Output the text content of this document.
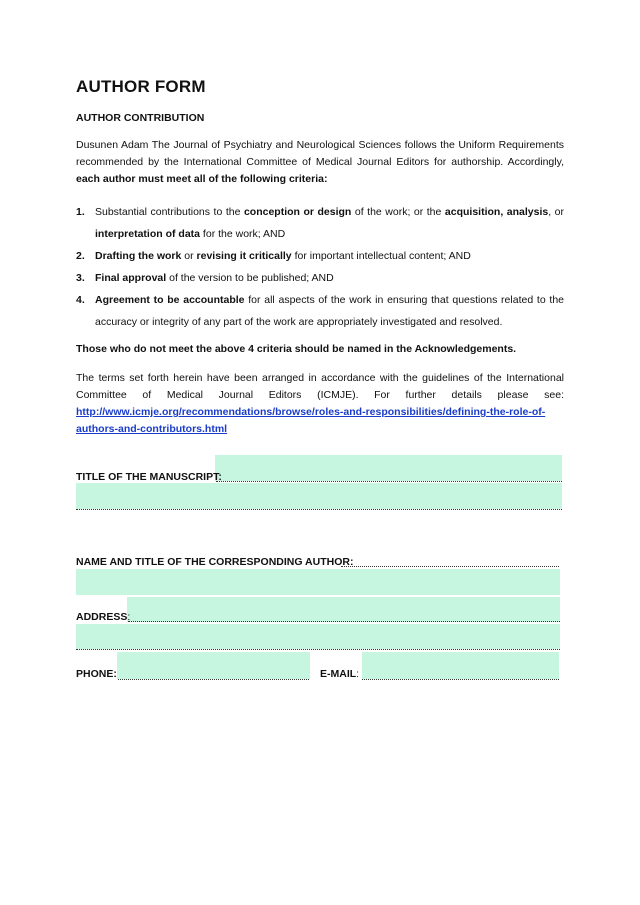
AUTHOR FORM
AUTHOR CONTRIBUTION
Dusunen Adam The Journal of Psychiatry and Neurological Sciences follows the Uniform Requirements recommended by the International Committee of Medical Journal Editors for authorship. Accordingly, each author must meet all of the following criteria:
1. Substantial contributions to the conception or design of the work; or the acquisition, analysis, or interpretation of data for the work; AND
2. Drafting the work or revising it critically for important intellectual content; AND
3. Final approval of the version to be published; AND
4. Agreement to be accountable for all aspects of the work in ensuring that questions related to the accuracy or integrity of any part of the work are appropriately investigated and resolved.
Those who do not meet the above 4 criteria should be named in the Acknowledgements.
The terms set forth herein have been arranged in accordance with the guidelines of the International Committee of Medical Journal Editors (ICMJE). For further details please see: http://www.icmje.org/recommendations/browse/roles-and-responsibilities/defining-the-role-of-authors-and-contributors.html
TITLE OF THE MANUSCRIPT:
NAME AND TITLE OF THE CORRESPONDING AUTHOR:
ADDRESS:
PHONE:	E-MAIL:
